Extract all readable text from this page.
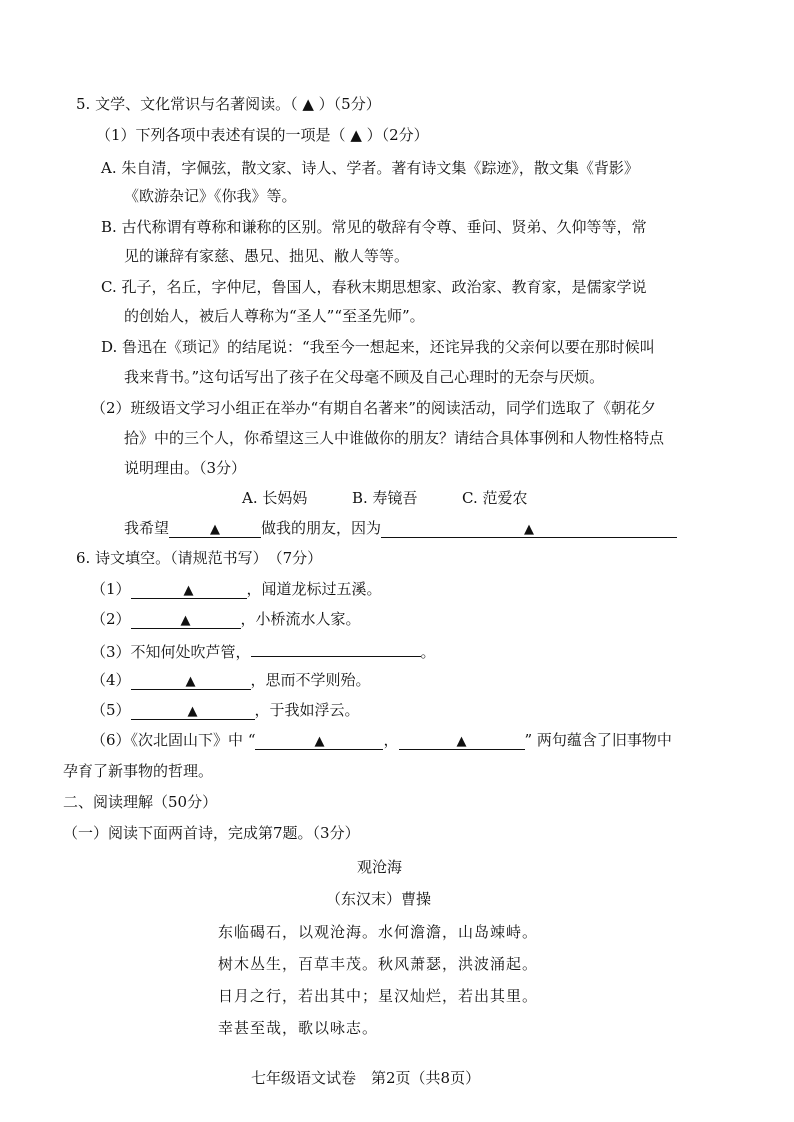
5. 文学、文化常识与名著阅读。（ ▲ ）（5分）
（1）下列各项中表述有误的一项是（ ▲ ）（2分）
A. 朱自清，字佩弦，散文家、诗人、学者。著有诗文集《踪迹》，散文集《背影》
《欧游杂记》《你我》等。
B. 古代称谓有尊称和谦称的区别。常见的敬辞有令尊、垂问、贤弟、久仰等等，常
见的谦辞有家慈、愚兄、拙见、敝人等等。
C. 孔子，名丘，字仲尼，鲁国人，春秋末期思想家、政治家、教育家，是儒家学说
的创始人，被后人尊称为“圣人”“至圣先师”。
D. 鲁迅在《琐记》的结尾说：“我至今一想起来，还诧异我的父亲何以要在那时候叫
我来背书。”这句话写出了孩子在父母毫不顾及自己心理时的无奈与厌烦。
（2）班级语文学习小组正在举办“有期自名著来”的阅读活动，同学们选取了《朝花夕
拾》中的三个人，你希望这三人中谁做你的朋友？请结合具体事例和人物性格特点
说明理由。（3分）
A. 长妈妈	B. 寿镜吾	C. 范爱农
我希望	▲	做我的朋友，因为	▲
6. 诗文填空。（请规范书写）　（7分）
（1）	▲	，闻道龙标过五溪。
（2）	▲	，小桥流水人家。
（3）不知何处吹芦管，	。
（4）	▲	，思而不学则殆。
（5）	▲	，于我如浮云。
（6）《次北固山下》中 “	▲	，	▲	” 两句蕴含了旧事物中
孕育了新事物的哲理。
二、阅读理解（50分）
（一）阅读下面两首诗，完成第7题。（3分）
观沧海
（东汉末）曹操
东临碣石，以观沧海。水何澹澹，山岛竦峙。
树木丛生，百草丰茂。秋风萧瑟，洪波涌起。
日月之行，若出其中；星汉灿烂，若出其里。
幸甚至哉，歌以咏志。
七年级语文试卷　第2页（共8页）
